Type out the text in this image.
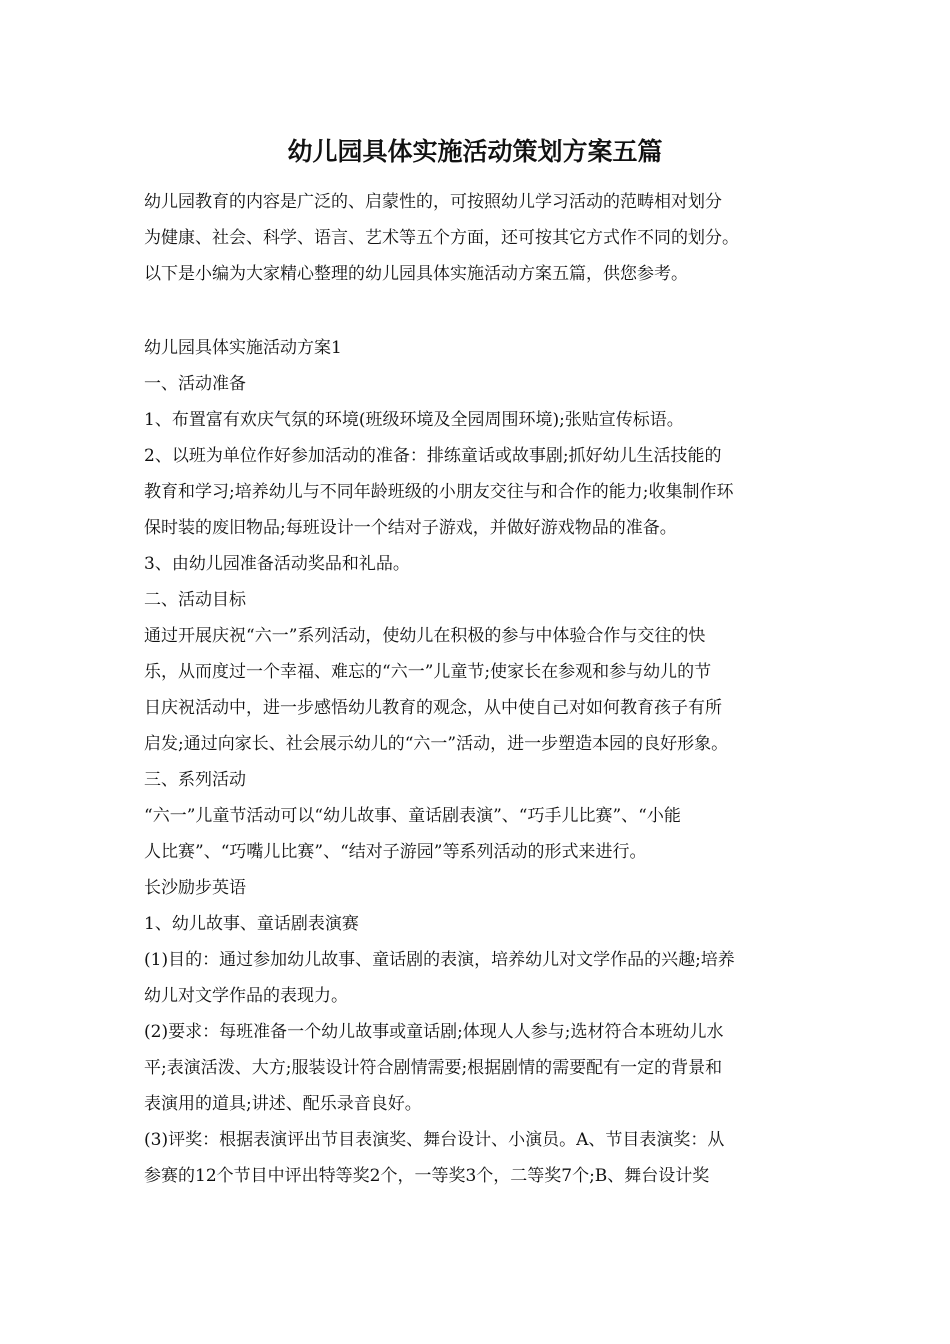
幼儿园具体实施活动策划方案五篇

幼儿园教育的内容是广泛的、启蒙性的，可按照幼儿学习活动的范畴相对划分

为健康、社会、科学、语言、艺术等五个方面，还可按其它方式作不同的划分。

以下是小编为大家精心整理的幼儿园具体实施活动方案五篇，供您参考。

幼儿园具体实施活动方案1

一、活动准备

1、布置富有欢庆气氛的环境(班级环境及全园周围环境);张贴宣传标语。

2、以班为单位作好参加活动的准备：排练童话或故事剧;抓好幼儿生活技能的

教育和学习;培养幼儿与不同年龄班级的小朋友交往与和合作的能力;收集制作环

保时装的废旧物品;每班设计一个结对子游戏，并做好游戏物品的准备。

3、由幼儿园准备活动奖品和礼品。

二、活动目标

通过开展庆祝“六一”系列活动，使幼儿在积极的参与中体验合作与交往的快

乐，从而度过一个幸福、难忘的“六一”儿童节;使家长在参观和参与幼儿的节

日庆祝活动中，进一步感悟幼儿教育的观念，从中使自己对如何教育孩子有所

启发;通过向家长、社会展示幼儿的“六一”活动，进一步塑造本园的良好形象。

三、系列活动

“六一”儿童节活动可以“幼儿故事、童话剧表演”、“巧手儿比赛”、“小能

人比赛”、“巧嘴儿比赛”、“结对子游园”等系列活动的形式来进行。

长沙励步英语

1、幼儿故事、童话剧表演赛

(1)目的：通过参加幼儿故事、童话剧的表演，培养幼儿对文学作品的兴趣;培养

幼儿对文学作品的表现力。

(2)要求：每班准备一个幼儿故事或童话剧;体现人人参与;选材符合本班幼儿水

平;表演活泼、大方;服装设计符合剧情需要;根据剧情的需要配有一定的背景和

表演用的道具;讲述、配乐录音良好。

(3)评奖：根据表演评出节目表演奖、舞台设计、小演员。A、节目表演奖：从

参赛的12个节目中评出特等奖2个，一等奖3个，二等奖7个;B、舞台设计奖
